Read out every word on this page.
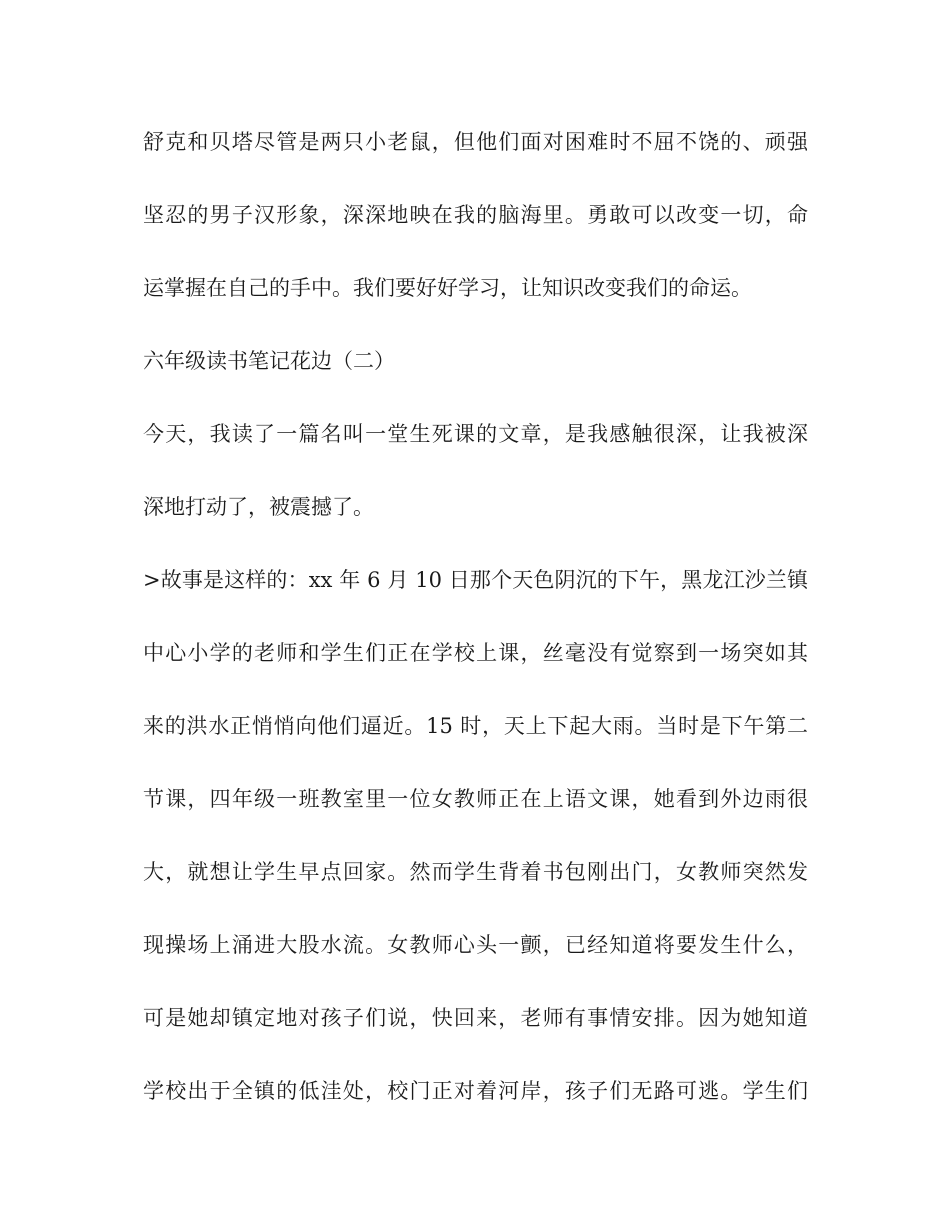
舒克和贝塔尽管是两只小老鼠，但他们面对困难时不屈不饶的、顽强

坚忍的男子汉形象，深深地映在我的脑海里。勇敢可以改变一切，命

运掌握在自己的手中。我们要好好学习，让知识改变我们的命运。

六年级读书笔记花边（二）

今天，我读了一篇名叫一堂生死课的文章，是我感触很深，让我被深

深地打动了，被震撼了。

>故事是这样的：xx 年 6 月 10 日那个天色阴沉的下午，黑龙江沙兰镇

中心小学的老师和学生们正在学校上课，丝毫没有觉察到一场突如其

来的洪水正悄悄向他们逼近。15 时，天上下起大雨。当时是下午第二

节课，四年级一班教室里一位女教师正在上语文课，她看到外边雨很

大，就想让学生早点回家。然而学生背着书包刚出门，女教师突然发

现操场上涌进大股水流。女教师心头一颤，已经知道将要发生什么，

可是她却镇定地对孩子们说，快回来，老师有事情安排。因为她知道

学校出于全镇的低洼处，校门正对着河岸，孩子们无路可逃。学生们
